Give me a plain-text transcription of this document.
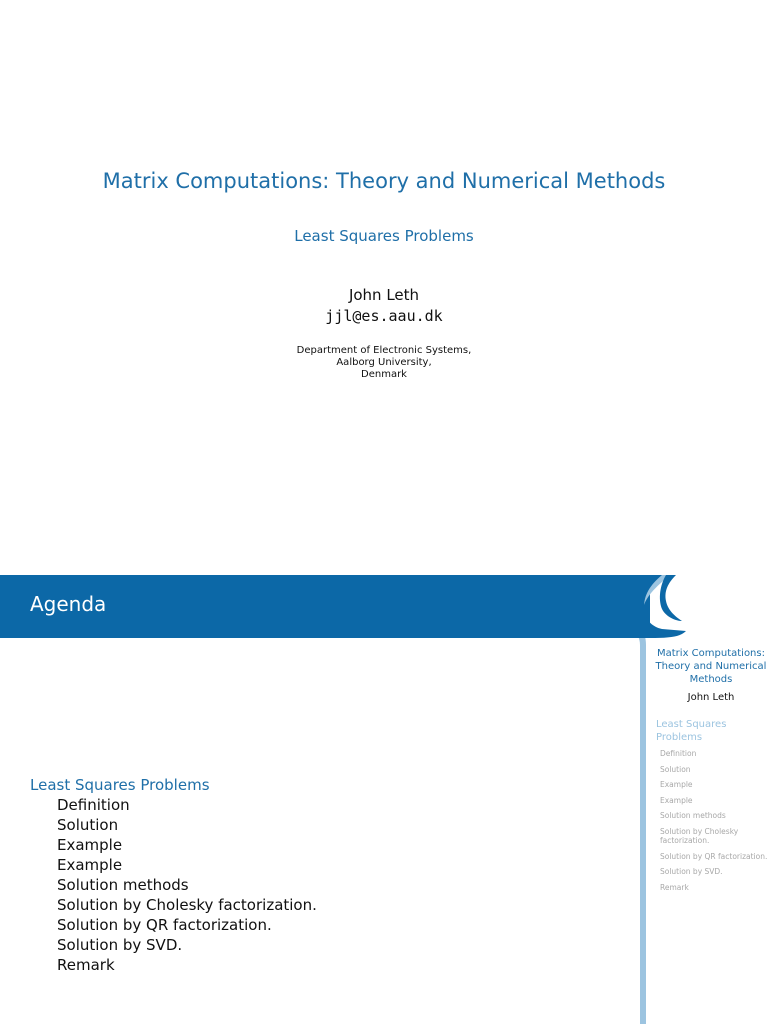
Matrix Computations: Theory and Numerical Methods
Least Squares Problems
John Leth
jjl@es.aau.dk
Department of Electronic Systems,
Aalborg University,
Denmark
Agenda
Least Squares Problems
Definition
Solution
Example
Example
Solution methods
Solution by Cholesky factorization.
Solution by QR factorization.
Solution by SVD.
Remark
Matrix Computations: Theory and Numerical Methods
John Leth
Least Squares Problems
Definition
Solution
Example
Example
Solution methods
Solution by Cholesky factorization.
Solution by QR factorization.
Solution by SVD.
Remark
